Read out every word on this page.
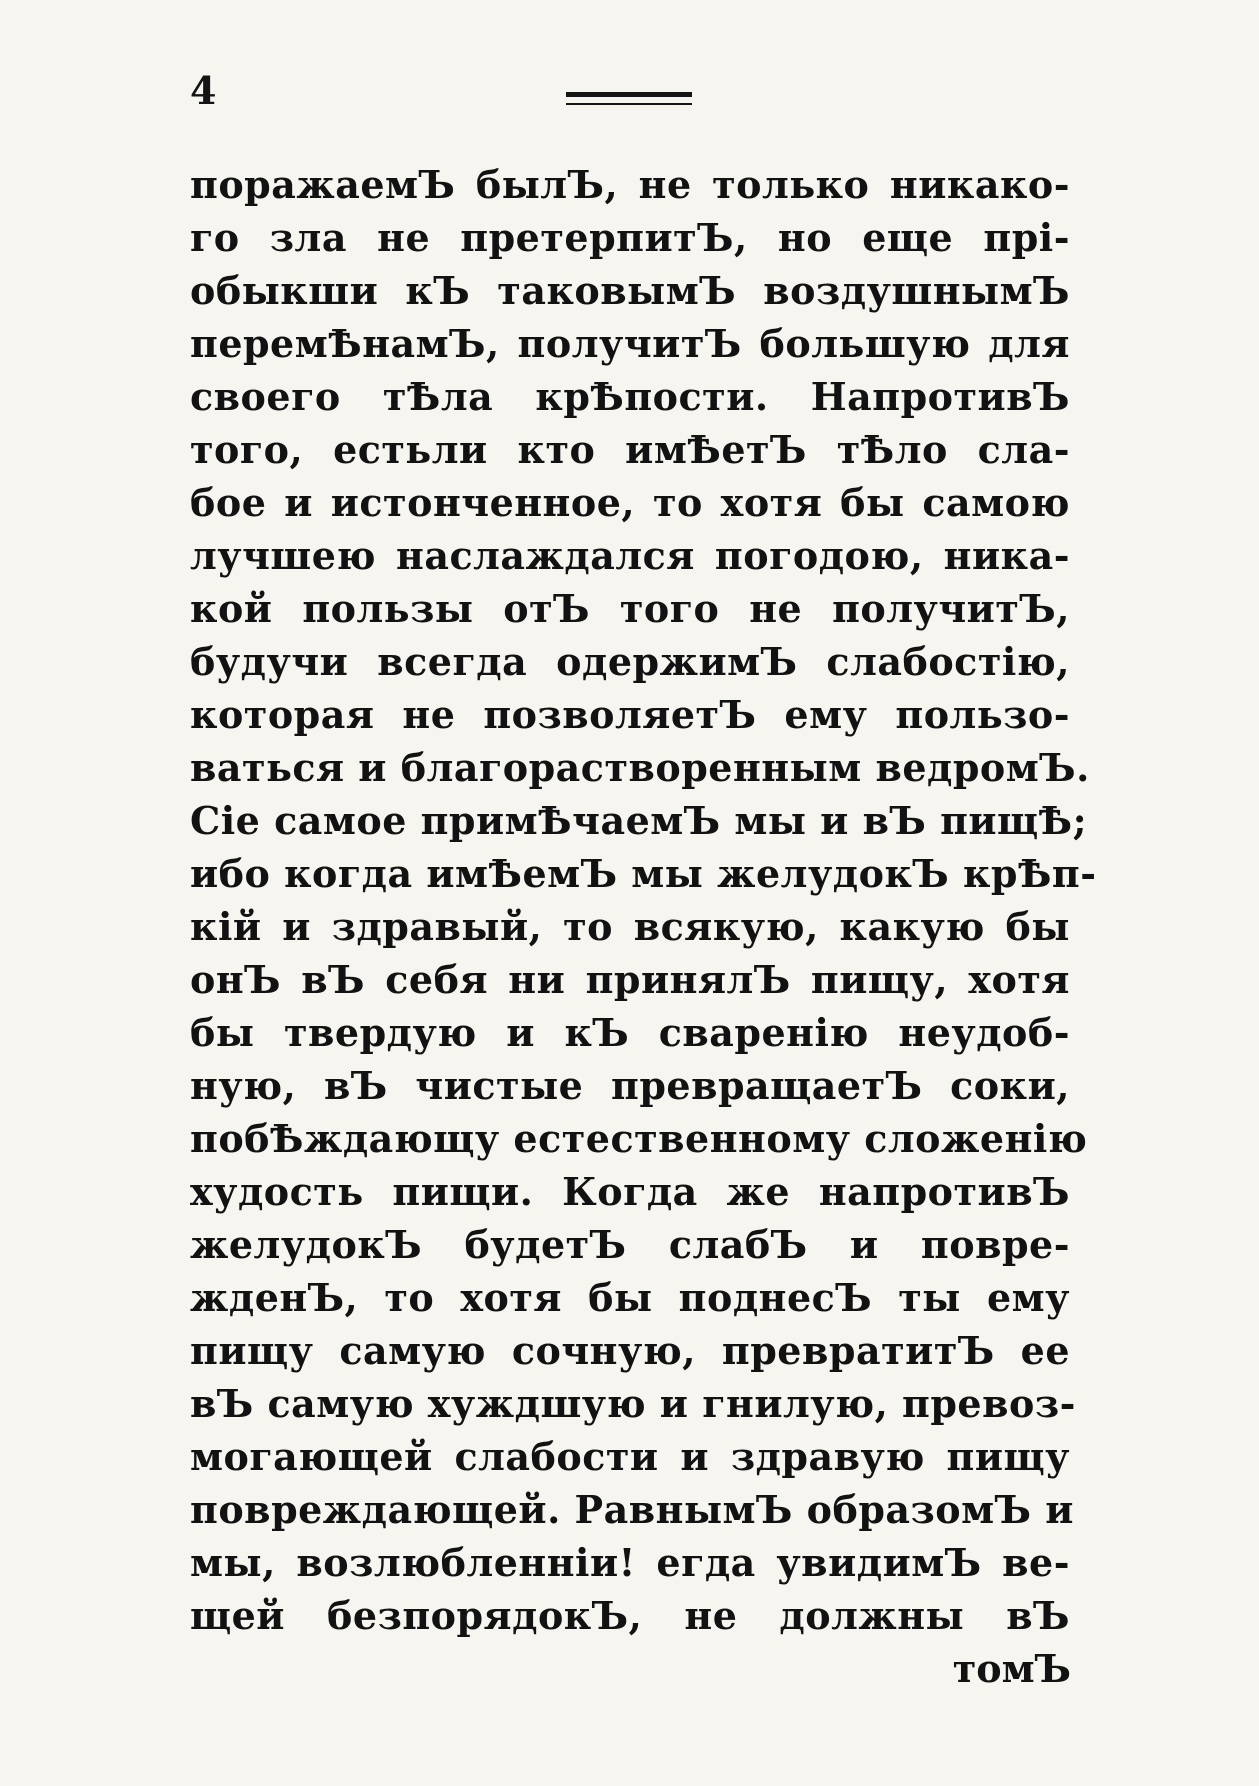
4
поражаемЪ былЪ, не только никако-
го зла не претерпитЪ, но еще прі-
обыкши кЪ таковымЪ воздушнымЪ
перемѢнамЪ, получитЪ большую для
своего тѢла крѢпости. НапротивЪ
того, естьли кто имѢетЪ тѢло сла-
бое и истонченное, то хотя бы самою
лучшею наслаждался погодою, ника-
кой пользы отЪ того не получитЪ,
будучи всегда одержимЪ слабостію,
которая не позволяетЪ ему пользо-
ваться и благорастворенным ведромЪ.
Сіе самое примѢчаемЪ мы и вЪ пищѢ;
ибо когда имѢемЪ мы желудокЪ крѢп-
кій и здравый, то всякую, какую бы
онЪ вЪ себя ни принялЪ пищу, хотя
бы твердую и кЪ сваренію неудоб-
ную, вЪ чистые превращаетЪ соки,
побѢждающу естественному сложенію
худость пищи. Когда же напротивЪ
желудокЪ будетЪ слабЪ и повре-
жденЪ, то хотя бы поднесЪ ты ему
пищу самую сочную, превратитЪ ее
вЪ самую хуждшую и гнилую, превоз-
могающей слабости и здравую пищу
повреждающей. РавнымЪ образомЪ и
мы, возлюбленніи! егда увидимЪ ве-
щей безпорядокЪ, не должны вЪ
томЪ
